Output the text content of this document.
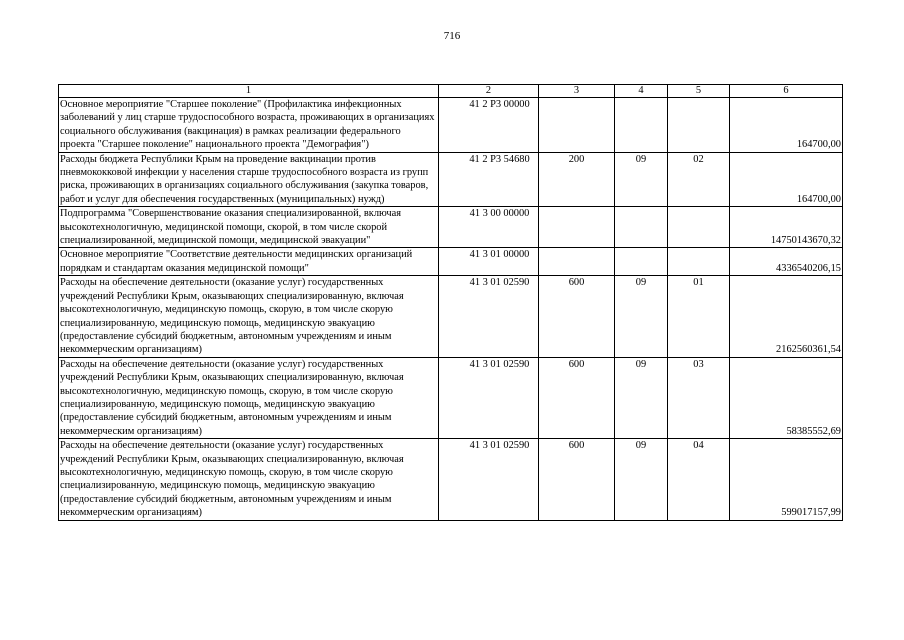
716
1	2	3	4	5	6
Основное мероприятие "Старшее поколение" (Профилактика инфекционных заболеваний у лиц старше трудоспособного возраста, проживающих в организациях социального обслуживания (вакцинация) в рамках реализации федерального проекта "Старшее поколение" национального проекта "Демография")	41 2 P3 00000				164700,00
Расходы бюджета Республики Крым на проведение вакцинации против пневмококковой инфекции у населения старше трудоспособного возраста из групп риска, проживающих в организациях социального обслуживания (закупка товаров, работ и услуг для обеспечения государственных (муниципальных) нужд)	41 2 P3 54680	200	09	02	164700,00
Подпрограмма "Совершенствование оказания специализированной, включая высокотехнологичную, медицинской помощи, скорой, в том числе скорой специализированной, медицинской помощи, медицинской эвакуации"	41 3 00 00000				14750143670,32
Основное мероприятие "Соответствие деятельности медицинских организаций порядкам и стандартам оказания медицинской помощи"	41 3 01 00000				4336540206,15
Расходы на обеспечение деятельности (оказание услуг) государственных учреждений Республики Крым, оказывающих специализированную, включая высокотехнологичную, медицинскую помощь, скорую, в том числе скорую специализированную, медицинскую помощь, медицинскую эвакуацию (предоставление субсидий бюджетным, автономным учреждениям и иным некоммерческим организациям)	41 3 01 02590	600	09	01	2162560361,54
Расходы на обеспечение деятельности (оказание услуг) государственных учреждений Республики Крым, оказывающих специализированную, включая высокотехнологичную, медицинскую помощь, скорую, в том числе скорую специализированную, медицинскую помощь, медицинскую эвакуацию (предоставление субсидий бюджетным, автономным учреждениям и иным некоммерческим организациям)	41 3 01 02590	600	09	03	58385552,69
Расходы на обеспечение деятельности (оказание услуг) государственных учреждений Республики Крым, оказывающих специализированную, включая высокотехнологичную, медицинскую помощь, скорую, в том числе скорую специализированную, медицинскую помощь, медицинскую эвакуацию (предоставление субсидий бюджетным, автономным учреждениям и иным некоммерческим организациям)	41 3 01 02590	600	09	04	599017157,99
